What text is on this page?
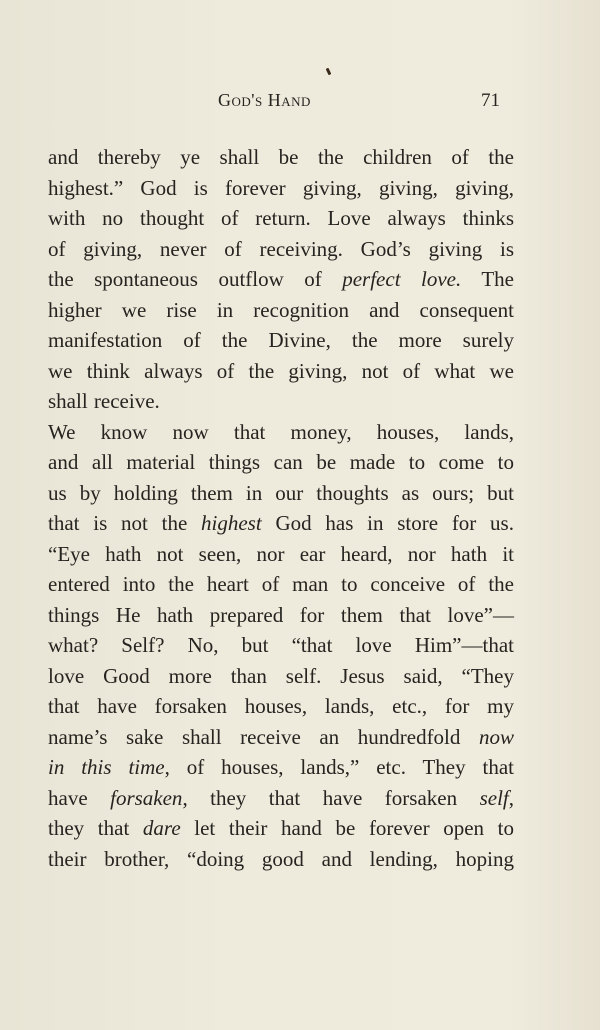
God's Hand	71
and thereby ye shall be the children of the
highest.” God is forever giving, giving, giving,
with no thought of return. Love always thinks
of giving, never of receiving. God’s giving is
the spontaneous outflow of perfect love. The
higher we rise in recognition and consequent
manifestation of the Divine, the more surely
we think always of the giving, not of what we
shall receive.
We know now that money, houses, lands,
and all material things can be made to come to
us by holding them in our thoughts as ours; but
that is not the highest God has in store for us.
“Eye hath not seen, nor ear heard, nor hath it
entered into the heart of man to conceive of the
things He hath prepared for them that love”—
what? Self? No, but “that love Him”—that
love Good more than self. Jesus said, “They
that have forsaken houses, lands, etc., for my
name’s sake shall receive an hundredfold now
in this time, of houses, lands,” etc. They that
have forsaken, they that have forsaken self,
they that dare let their hand be forever open to
their brother, “doing good and lending, hoping
